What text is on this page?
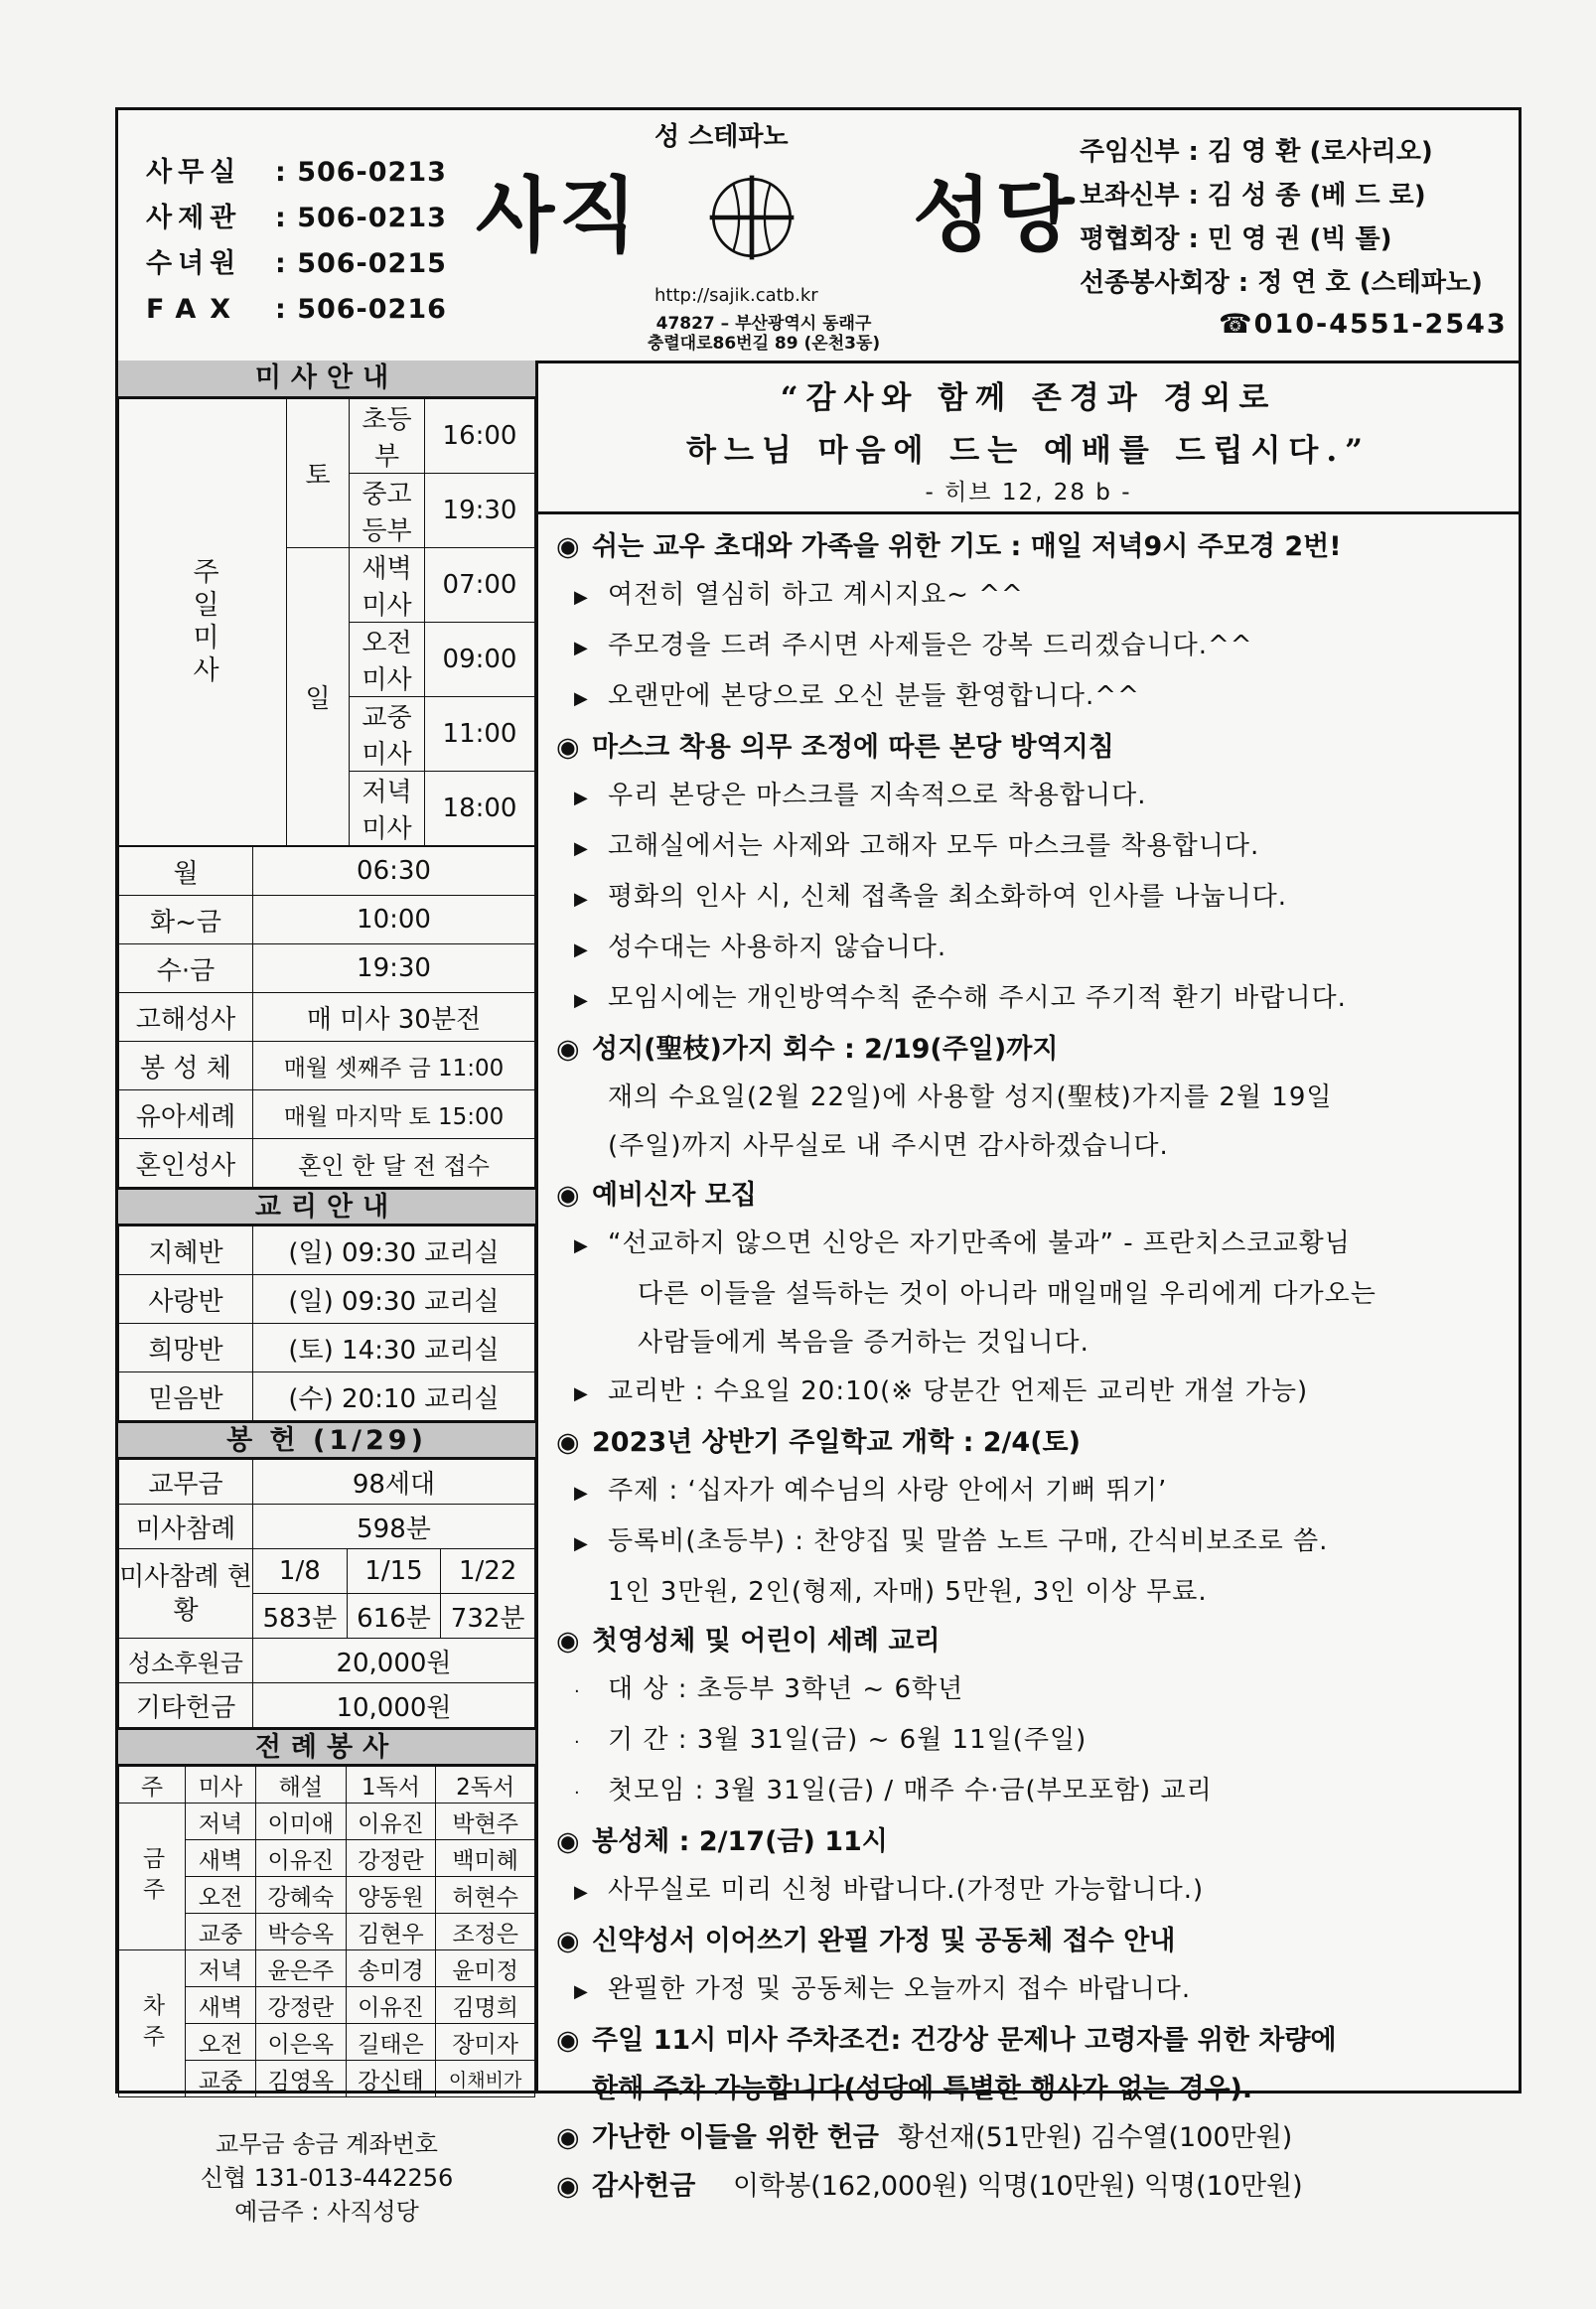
사무실	: 506-0213
사제관	: 506-0213
수녀원	: 506-0215
FAX	: 506-0216
성 스테파노
사직	성당
http://sajik.catb.kr
47827 – 부산광역시 동래구
충렬대로86번길 89 (온천3동)
주임신부 : 김 영 환 (로사리오)
보좌신부 : 김 성 종 (베 드 로)
평협회장 : 민 영 권 (빅 톨)
선종봉사회장 : 정 연 호 (스테파노)
☎010-4551-2543
미사안내
주일미사	토	초등부	16:00
		중고등부	19:30
	일	새벽미사	07:00
		오전미사	09:00
		교중미사	11:00
		저녁미사	18:00
월	06:30
화~금	10:00
수·금	19:30
고해성사	매 미사 30분전
봉 성 체	매월 셋째주 금 11:00
유아세례	매월 마지막 토 15:00
혼인성사	혼인 한 달 전 접수
교리안내
지혜반	(일) 09:30 교리실
사랑반	(일) 09:30 교리실
희망반	(토) 14:30 교리실
믿음반	(수) 20:10 교리실
봉 헌 (1/29)
교무금	98세대		
미사참례	598분		
미사참례 현황	1/8	1/15	1/22
	583분	616분	732분
성소후원금	20,000원		
기타헌금	10,000원		
전례봉사
주	미사	해설	1독서	2독서
금주	저녁	이미애	이유진	박현주
	새벽	이유진	강정란	백미혜
	오전	강혜숙	양동원	허현수
	교중	박승옥	김현우	조정은
차주	저녁	윤은주	송미경	윤미정
	새벽	강정란	이유진	김명희
	오전	이은옥	길태은	장미자
	교중	김영옥	강신태	이채비가
교무금 송금 계좌번호
신협 131-013-442256
예금주 : 사직성당
“감사와 함께 존경과 경외로
하느님 마음에 드는 예배를 드립시다.”
- 히브 12, 28 b -
◉ 쉬는 교우 초대와 가족을 위한 기도 : 매일 저녁9시 주모경 2번!
▶ 여전히 열심히 하고 계시지요~ ^^
▶ 주모경을 드려 주시면 사제들은 강복 드리겠습니다.^^
▶ 오랜만에 본당으로 오신 분들 환영합니다.^^
◉ 마스크 착용 의무 조정에 따른 본당 방역지침
▶ 우리 본당은 마스크를 지속적으로 착용합니다.
▶ 고해실에서는 사제와 고해자 모두 마스크를 착용합니다.
▶ 평화의 인사 시, 신체 접촉을 최소화하여 인사를 나눕니다.
▶ 성수대는 사용하지 않습니다.
▶ 모임시에는 개인방역수칙 준수해 주시고 주기적 환기 바랍니다.
◉ 성지(聖枝)가지 회수 : 2/19(주일)까지
재의 수요일(2월 22일)에 사용할 성지(聖枝)가지를 2월 19일
(주일)까지 사무실로 내 주시면 감사하겠습니다.
◉ 예비신자 모집
▶ “선교하지 않으면 신앙은 자기만족에 불과” - 프란치스코교황님
다른 이들을 설득하는 것이 아니라 매일매일 우리에게 다가오는
사람들에게 복음을 증거하는 것입니다.
▶ 교리반 : 수요일 20:10(※ 당분간 언제든 교리반 개설 가능)
◉ 2023년 상반기 주일학교 개학 : 2/4(토)
▶ 주제 : ‘십자가 예수님의 사랑 안에서 기뻐 뛰기’
▶ 등록비(초등부) : 찬양집 및 말씀 노트 구매, 간식비보조로 씀.
1인 3만원, 2인(형제, 자매) 5만원, 3인 이상 무료.
◉ 첫영성체 및 어린이 세례 교리
· 대 상 : 초등부 3학년 ~ 6학년
· 기 간 : 3월 31일(금) ~ 6월 11일(주일)
· 첫모임 : 3월 31일(금) / 매주 수·금(부모포함) 교리
◉ 봉성체 : 2/17(금) 11시
▶ 사무실로 미리 신청 바랍니다.(가정만 가능합니다.)
◉ 신약성서 이어쓰기 완필 가정 및 공동체 접수 안내
▶ 완필한 가정 및 공동체는 오늘까지 접수 바랍니다.
◉ 주일 11시 미사 주차조건: 건강상 문제나 고령자를 위한 차량에
한해 주차 가능합니다(성당에 특별한 행사가 없는 경우).
◉ 가난한 이들을 위한 헌금 황선재(51만원) 김수열(100만원)
◉ 감사헌금 이학봉(162,000원) 익명(10만원) 익명(10만원)
